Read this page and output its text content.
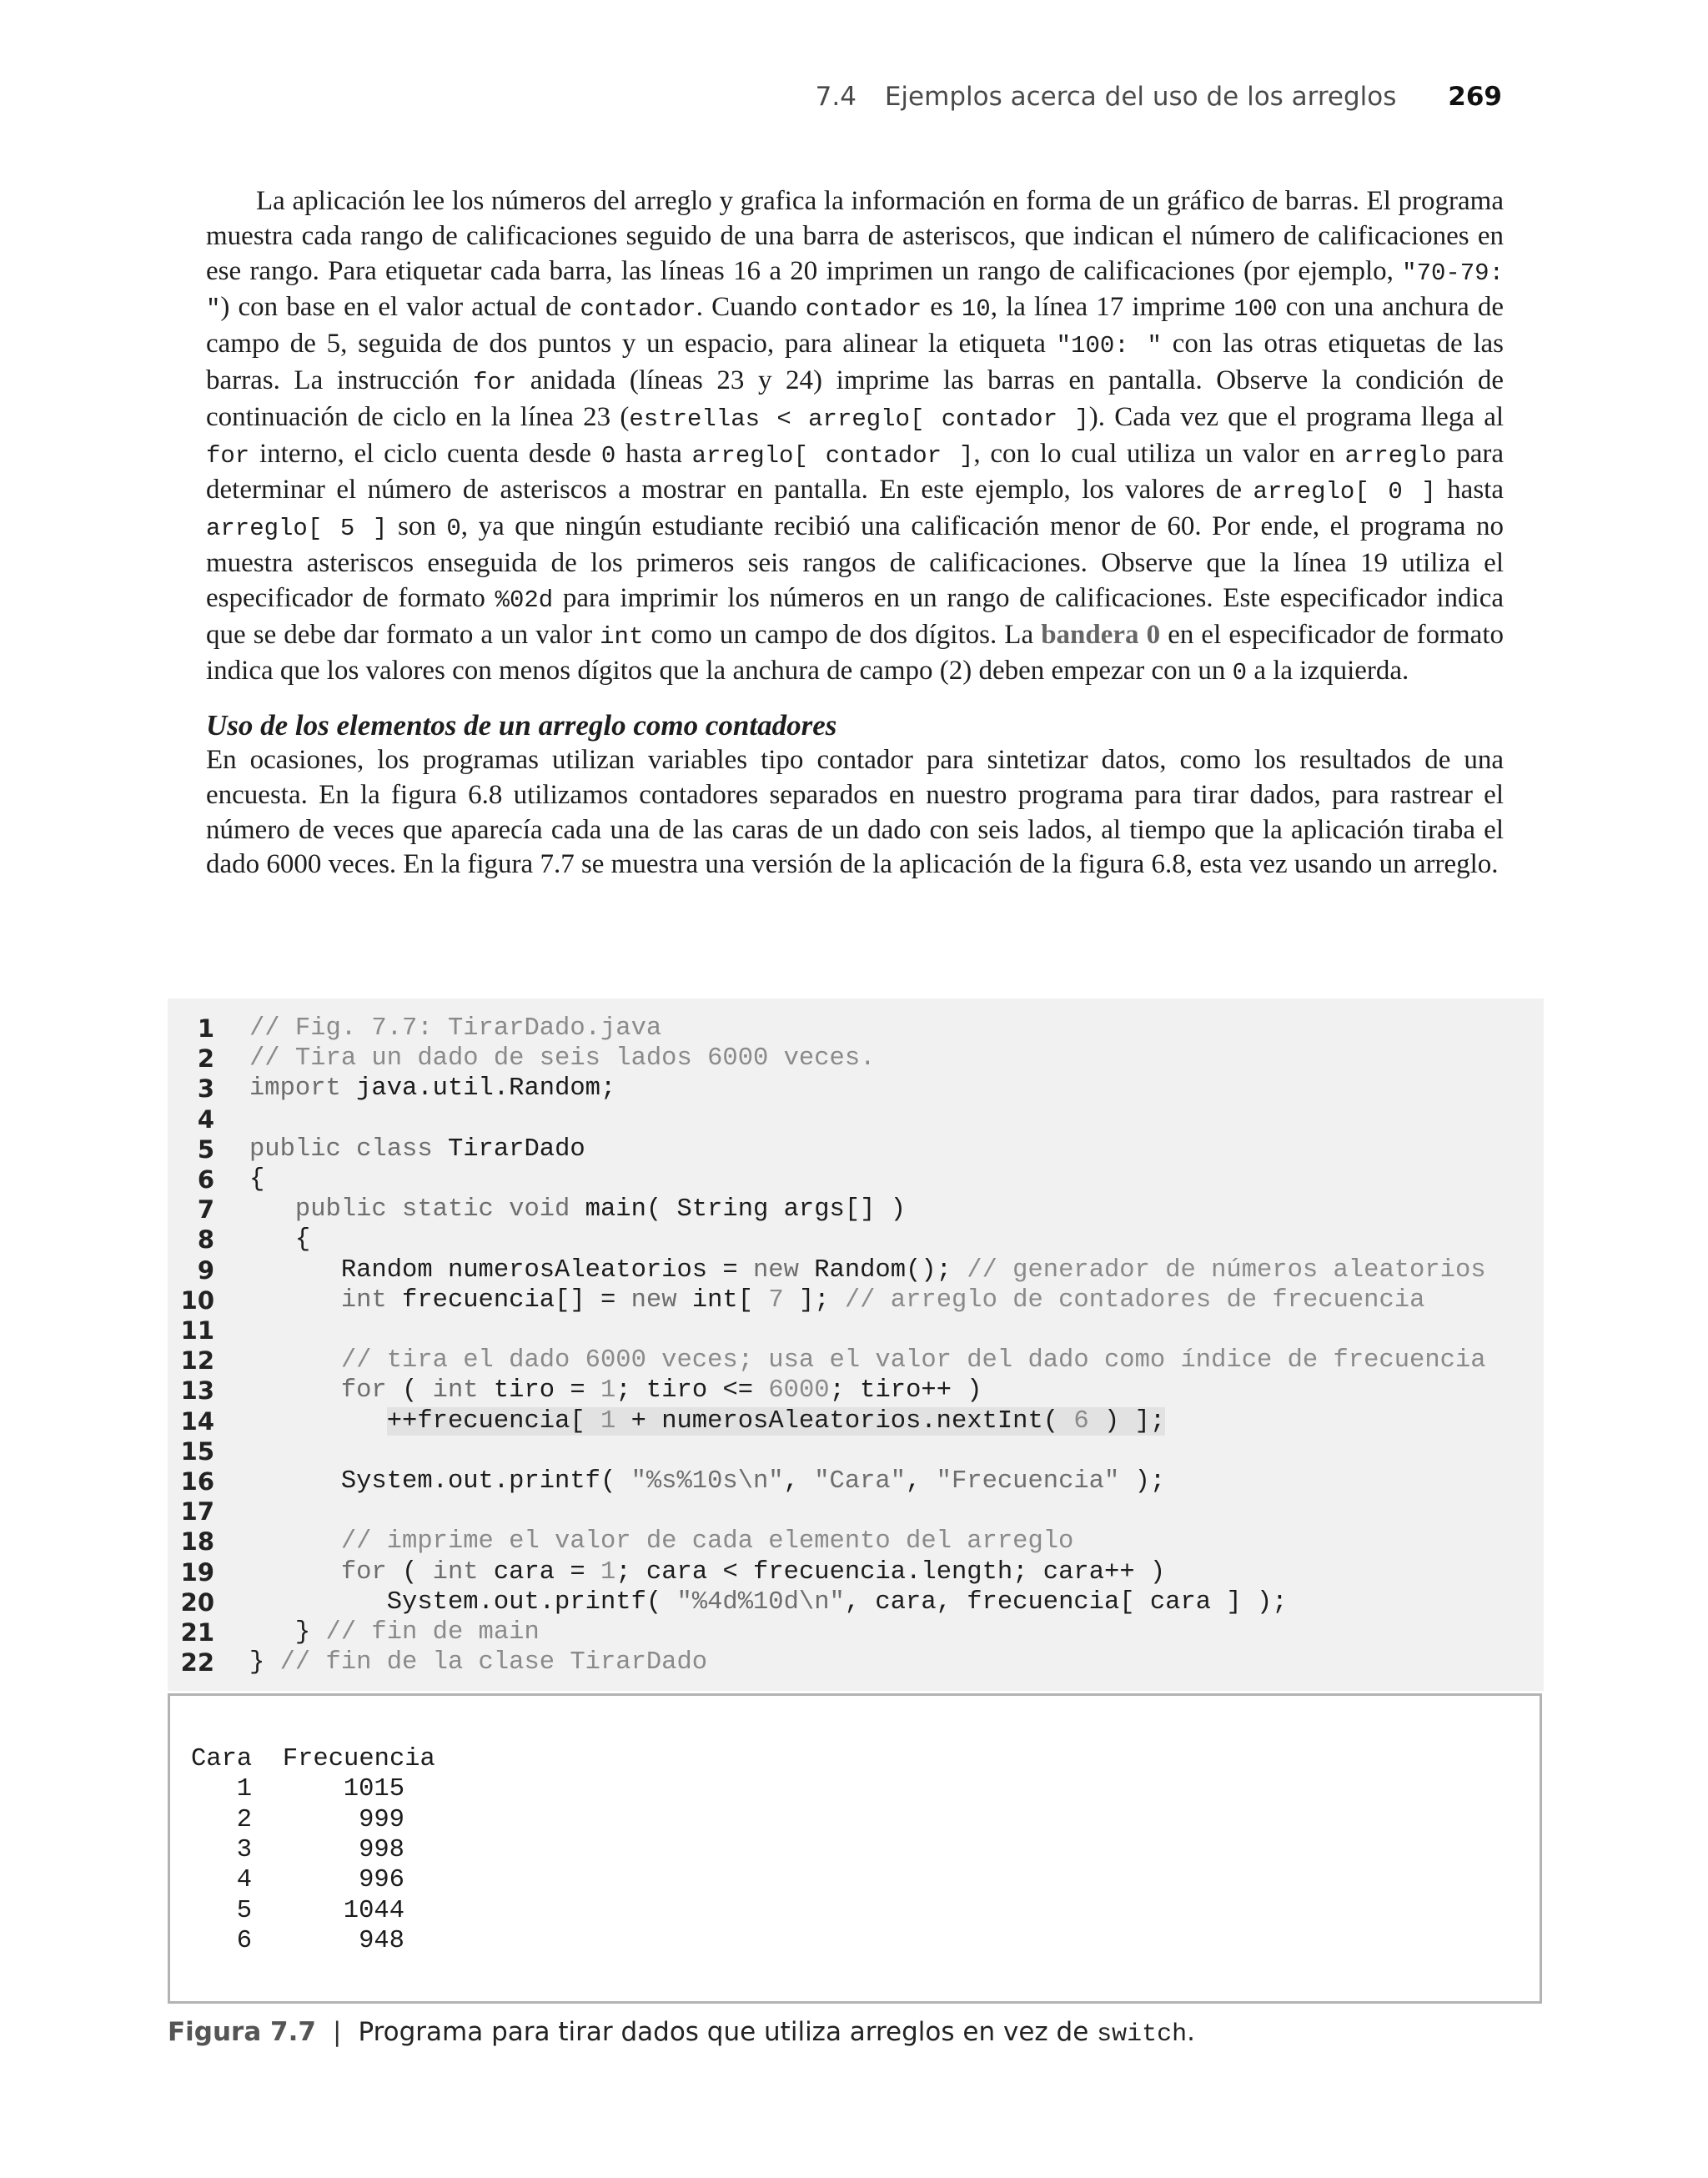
7.4 Ejemplos acerca del uso de los arreglos 269

La aplicación lee los números del arreglo y grafica la información en forma de un gráfico de barras. El programa muestra cada rango de calificaciones seguido de una barra de asteriscos, que indican el número de calificaciones en ese rango. Para etiquetar cada barra, las líneas 16 a 20 imprimen un rango de calificaciones (por ejemplo, "70-79: ") con base en el valor actual de contador. Cuando contador es 10, la línea 17 imprime 100 con una anchura de campo de 5, seguida de dos puntos y un espacio, para alinear la etiqueta "100: " con las otras etiquetas de las barras. La instrucción for anidada (líneas 23 y 24) imprime las barras en pantalla. Observe la condición de continuación de ciclo en la línea 23 (estrellas < arreglo[ contador ]). Cada vez que el programa llega al for interno, el ciclo cuenta desde 0 hasta arreglo[ contador ], con lo cual utiliza un valor en arreglo para determinar el número de asteriscos a mostrar en pantalla. En este ejemplo, los valores de arreglo[ 0 ] hasta arreglo[ 5 ] son 0, ya que ningún estudiante recibió una calificación menor de 60. Por ende, el programa no muestra asteriscos enseguida de los primeros seis rangos de calificaciones. Observe que la línea 19 utiliza el especificador de formato %02d para imprimir los números en un rango de calificaciones. Este especificador indica que se debe dar formato a un valor int como un campo de dos dígitos. La bandera 0 en el especificador de formato indica que los valores con menos dígitos que la anchura de campo (2) deben empezar con un 0 a la izquierda.

Uso de los elementos de un arreglo como contadores

En ocasiones, los programas utilizan variables tipo contador para sintetizar datos, como los resultados de una encuesta. En la figura 6.8 utilizamos contadores separados en nuestro programa para tirar dados, para rastrear el número de veces que aparecía cada una de las caras de un dado con seis lados, al tiempo que la aplicación tiraba el dado 6000 veces. En la figura 7.7 se muestra una versión de la aplicación de la figura 6.8, esta vez usando un arreglo.

1 // Fig. 7.7: TirarDado.java
2 // Tira un dado de seis lados 6000 veces.
3 import java.util.Random;
4
5 public class TirarDado
6 {
7 public static void main( String args[] )
8 {
9 Random numerosAleatorios = new Random(); // generador de números aleatorios
10 int frecuencia[] = new int[ 7 ]; // arreglo de contadores de frecuencia
11
12 // tira el dado 6000 veces; usa el valor del dado como índice de frecuencia
13 for ( int tiro = 1; tiro <= 6000; tiro++ )
14	++frecuencia[ 1 + numerosAleatorios.nextInt( 6 ) ];
15
16 System.out.printf( "%s%10s\n", "Cara", "Frecuencia" );
17
18 // imprime el valor de cada elemento del arreglo
19 for ( int cara = 1; cara < frecuencia.length; cara++ )
20 System.out.printf( "%4d%10d\n", cara, frecuencia[ cara ] );
21 } // fin de main
22 } // fin de la clase TirarDado
Cara  Frecuencia
1	1015
2	999
3	998
4	996
5	1044
6	948
Figura 7.7 | Programa para tirar dados que utiliza arreglos en vez de switch.
